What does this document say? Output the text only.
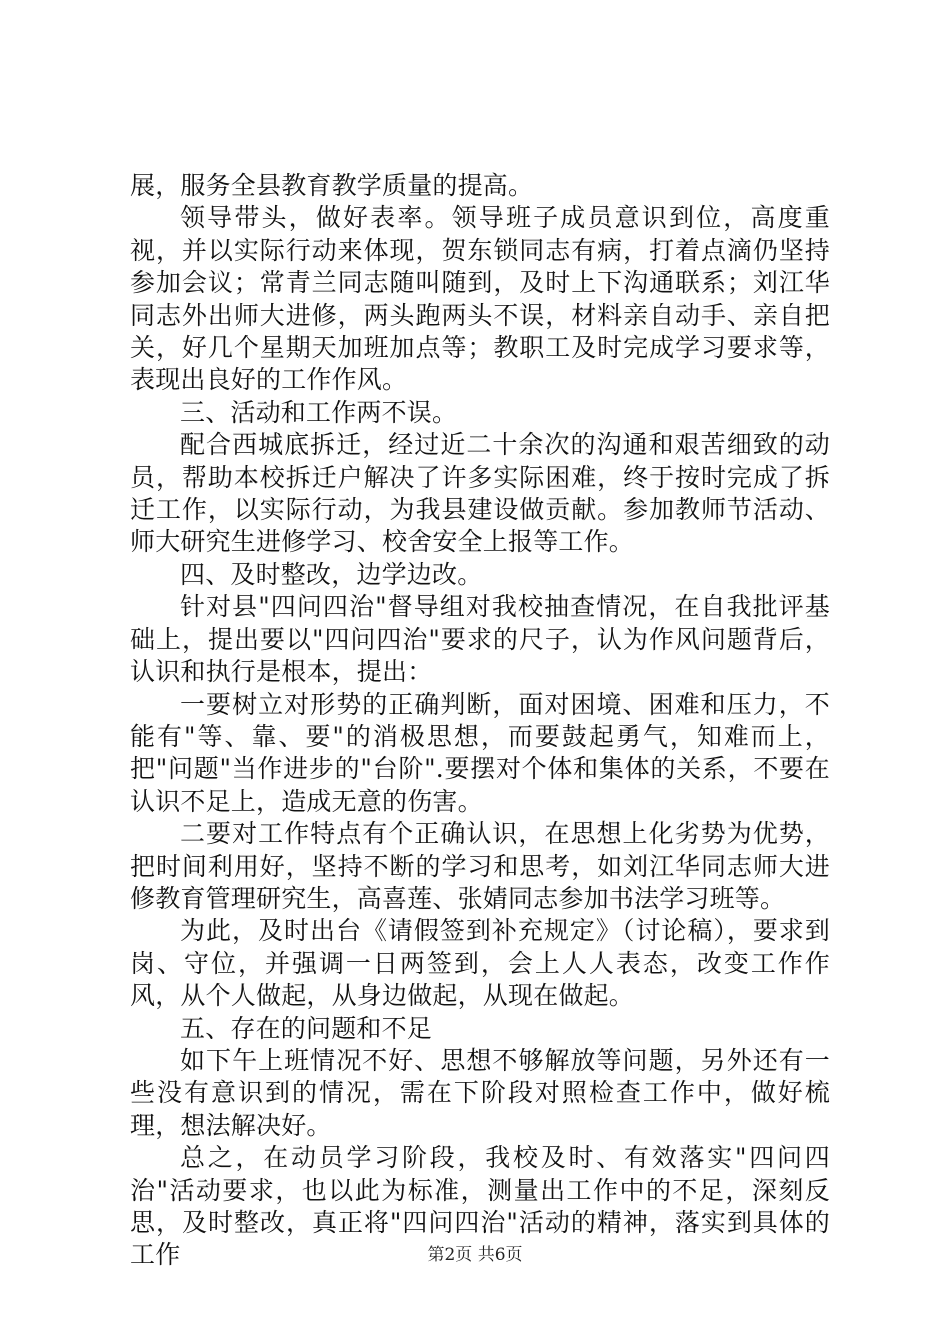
展，服务全县教育教学质量的提高。

领导带头，做好表率。领导班子成员意识到位，高度重视，并以实际行动来体现，贺东锁同志有病，打着点滴仍坚持参加会议；常青兰同志随叫随到，及时上下沟通联系；刘江华同志外出师大进修，两头跑两头不误，材料亲自动手、亲自把关，好几个星期天加班加点等；教职工及时完成学习要求等，表现出良好的工作作风。

三、活动和工作两不误。

配合西城底拆迁，经过近二十余次的沟通和艰苦细致的动员，帮助本校拆迁户解决了许多实际困难，终于按时完成了拆迁工作，以实际行动，为我县建设做贡献。参加教师节活动、师大研究生进修学习、校舍安全上报等工作。

四、及时整改，边学边改。

针对县"四问四治"督导组对我校抽查情况，在自我批评基础上，提出要以"四问四治"要求的尺子，认为作风问题背后，认识和执行是根本，提出：

一要树立对形势的正确判断，面对困境、困难和压力，不能有"等、靠、要"的消极思想，而要鼓起勇气，知难而上，把"问题"当作进步的"台阶".要摆对个体和集体的关系，不要在认识不足上，造成无意的伤害。

二要对工作特点有个正确认识，在思想上化劣势为优势，把时间利用好，坚持不断的学习和思考，如刘江华同志师大进修教育管理研究生，高喜莲、张婧同志参加书法学习班等。

为此，及时出台《请假签到补充规定》（讨论稿），要求到岗、守位，并强调一日两签到，会上人人表态，改变工作作风，从个人做起，从身边做起，从现在做起。

五、存在的问题和不足

如下午上班情况不好、思想不够解放等问题，另外还有一些没有意识到的情况，需在下阶段对照检查工作中，做好梳理，想法解决好。

总之，在动员学习阶段，我校及时、有效落实"四问四治"活动要求，也以此为标准，测量出工作中的不足，深刻反思，及时整改，真正将"四问四治"活动的精神，落实到具体的工作	第2页 共6页
